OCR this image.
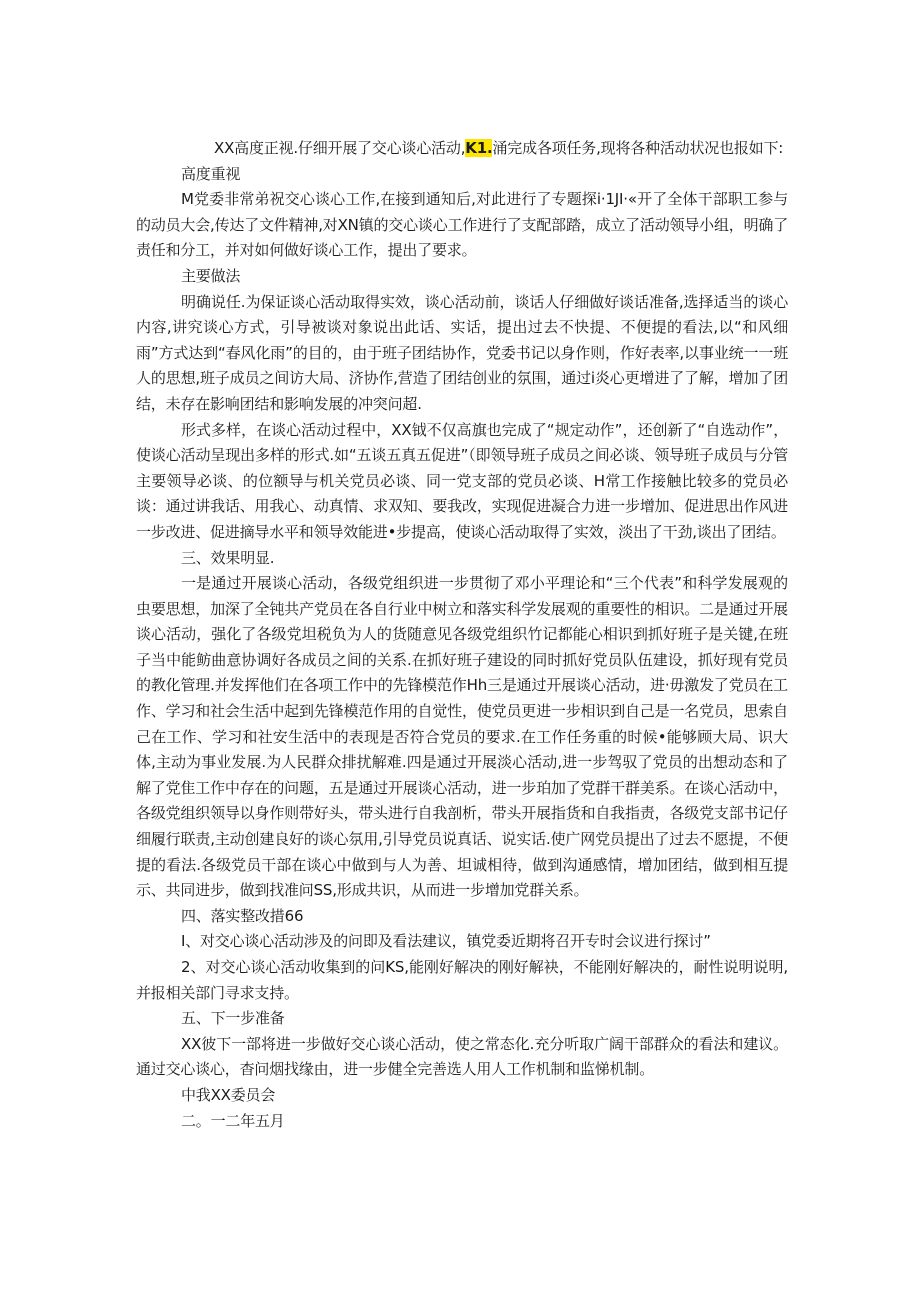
XX高度正视.仔细开展了交心谈心活动,K1.涌完成各项任务,现将各种活动状况也报如下:
高度重视

M党委非常弟祝交心谈心工作,在接到通知后,对此进行了专题探i·1JI·«开了全体干部职工参与的动员大会,传达了文件精神,对XN镇的交心谈心工作进行了支配部踏，成立了活动领导小组，明确了责任和分工，并对如何做好谈心工作，提出了要求。

主要做法

明确说任.为保证谈心活动取得实效，谈心活动前，谈话人仔细做好谈话准备,选择适当的谈心内容,讲究谈心方式，引导被谈对象说出此话、实话，提出过去不快提、不便提的看法,以“和风细雨”方式达到“春风化雨”的目的，由于班子团结协作，党委书记以身作则，作好表率,以事业统一一班人的思想,班子成员之间访大局、济协作,营造了团结创业的氛围，通过i炎心更增进了了解，增加了团结，未存在影响团结和影响发展的冲突问超.

形式多样，在谈心活动过程中，XX钺不仅高旗也完成了“规定动作”，还创新了“自选动作”，使谈心活动呈现出多样的形式.如“五谈五真五促进”（即领导班子成员之间必谈、领导班子成员与分管主要领导必谈、的位额导与机关党员必谈、同一党支部的党员必谈、H常工作接触比较多的党员必谈：通过讲我话、用我心、动真情、求双知、要我改，实现促进凝合力进一步增加、促进思出作风进一步改进、促进摘导水平和领导效能进•步提高，使谈心活动取得了实效，淡出了干劲,谈出了团结。

三、效果明显.

一是通过开展谈心活动，各级党组织进一步贯彻了邓小平理论和“三个代表”和科学发展观的虫要思想，加深了全钝共产党员在各自行业中树立和落实科学发展观的重要性的相识。二是通过开展谈心活动，强化了各级党坦税负为人的货随意见各级党组织竹记都能心相识到抓好班子是关键,在班子当中能鲂曲意协调好各成员之间的关系.在抓好班子建设的同时抓好党员队伍建设，抓好现有党员的教化管理.并发挥他们在各项工作中的先锋模范作Hh三是通过开展谈心活动，进·毋激发了党员在工作、学习和社会生活中起到先锋模范作用的自觉性，使党员更进一步相识到自己是一名党员，思索自己在工作、学习和社安生活中的表现是否符合党员的要求.在工作任务重的时候•能够顾大局、识大体,主动为事业发展.为人民群众排扰解难.四是通过开展淡心活动,进一步驾驭了党员的出想动态和了解了党隹工作中存在的问题，五是通过开展谈心活动，进一步珀加了党群干群美系。在谈心活动中，各级党组织领导以身作则带好头，带头进行自我剖析，带头开展指货和自我指责，各级党支部书记仔细履行联责,主动创建良好的谈心氛用,引导党员说真话、说实话.使广网党员提出了过去不愿提，不便提的看法.各级党员干部在谈心中做到与人为善、坦诚相待，做到沟通感情，增加团结，做到相互提示、共同进步，做到找准问SS,形成共识，从而进一步增加党群关系。

四、落实整改措66

I、对交心谈心活动涉及的问即及看法建议，镇党委近期将召开专时会议进行探讨”

2、对交心谈心活动收集到的问KS,能刚好解决的刚好解袂，不能刚好解决的，耐性说明说明,并报相关部门寻求支持。

五、下一步准备

XX彼下一部将进一步做好交心谈心活动，使之常态化.充分听取广阔干部群众的看法和建议。通过交心谈心，杳问烟找缘由，进一步健全完善选人用人工作机制和监悌机制。

中我XX委员会
二。一二年五月
